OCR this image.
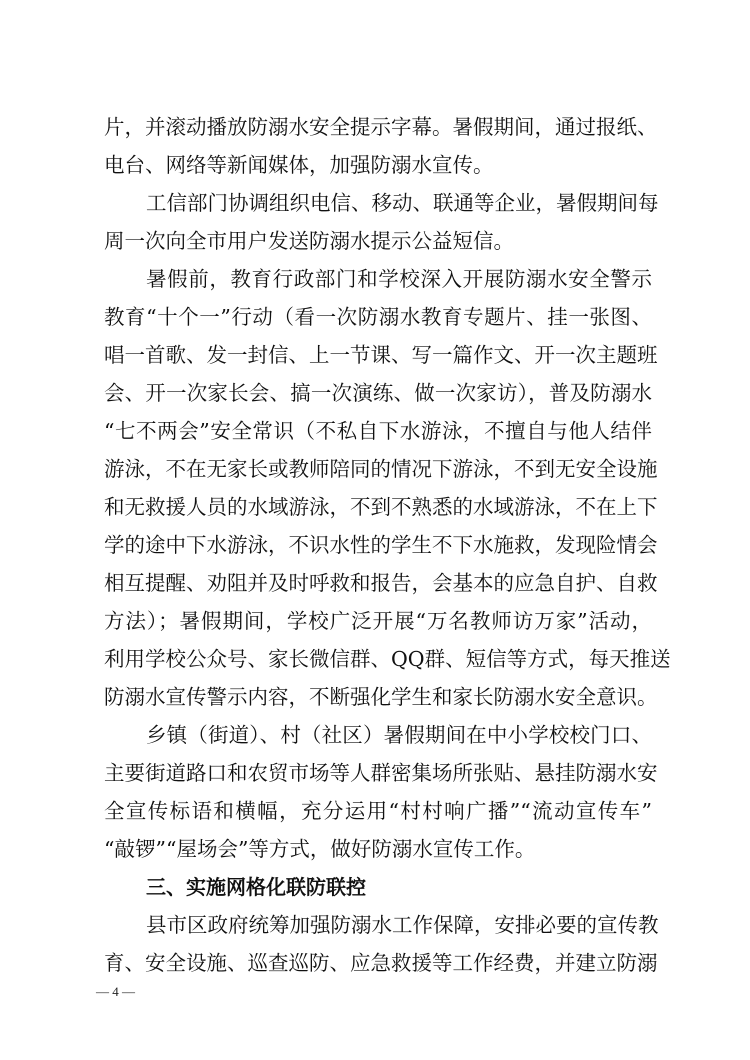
片，并滚动播放防溺水安全提示字幕。暑假期间，通过报纸、
电台、网络等新闻媒体，加强防溺水宣传。
工信部门协调组织电信、移动、联通等企业，暑假期间每
周一次向全市用户发送防溺水提示公益短信。
暑假前，教育行政部门和学校深入开展防溺水安全警示
教育“十个一”行动（看一次防溺水教育专题片、挂一张图、
唱一首歌、发一封信、上一节课、写一篇作文、开一次主题班
会、开一次家长会、搞一次演练、做一次家访），普及防溺水
“七不两会”安全常识（不私自下水游泳，不擅自与他人结伴
游泳，不在无家长或教师陪同的情况下游泳，不到无安全设施
和无救援人员的水域游泳，不到不熟悉的水域游泳，不在上下
学的途中下水游泳，不识水性的学生不下水施救，发现险情会
相互提醒、劝阻并及时呼救和报告，会基本的应急自护、自救
方法）；暑假期间，学校广泛开展“万名教师访万家”活动，
利用学校公众号、家长微信群、QQ群、短信等方式，每天推送
防溺水宣传警示内容，不断强化学生和家长防溺水安全意识。
乡镇（街道）、村（社区）暑假期间在中小学校校门口、
主要街道路口和农贸市场等人群密集场所张贴、悬挂防溺水安
全宣传标语和横幅，充分运用“村村响广播”“流动宣传车”
“敲锣”“屋场会”等方式，做好防溺水宣传工作。
三、实施网格化联防联控
县市区政府统筹加强防溺水工作保障，安排必要的宣传教
育、安全设施、巡查巡防、应急救援等工作经费，并建立防溺
— 4 —
